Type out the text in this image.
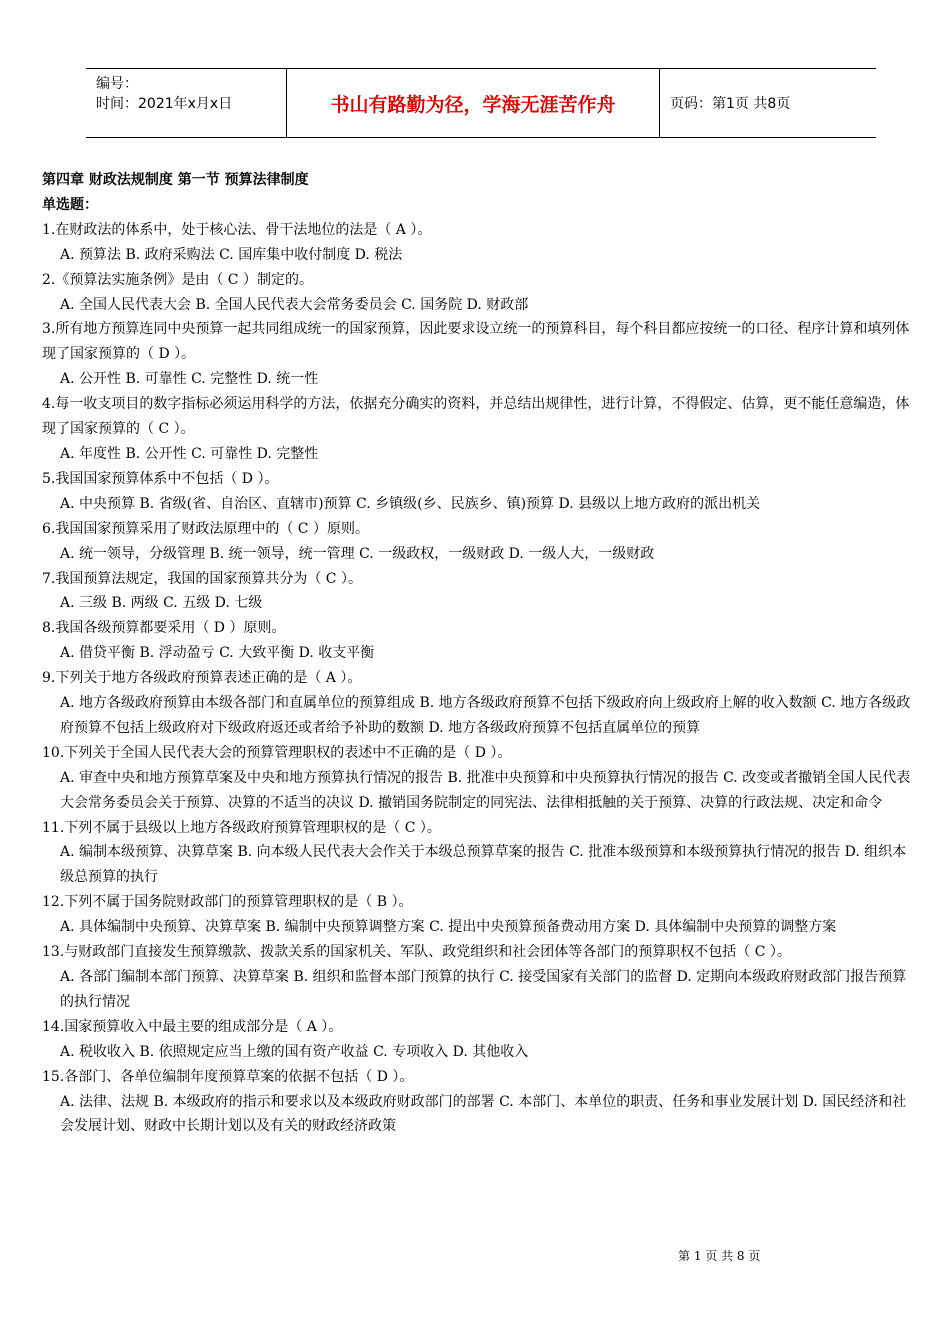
编号：
时间：2021年x月x日	书山有路勤为径，学海无涯苦作舟	页码：第1页 共8页
第四章 财政法规制度 第一节 预算法律制度
单选题：

1.在财政法的体系中，处于核心法、骨干法地位的法是（ A ）。

A. 预算法 B. 政府采购法 C. 国库集中收付制度 D. 税法

2.《预算法实施条例》是由（ C ）制定的。

A. 全国人民代表大会 B. 全国人民代表大会常务委员会 C. 国务院 D. 财政部

3.所有地方预算连同中央预算一起共同组成统一的国家预算，因此要求设立统一的预算科目，每个科目都应按统一的口径、程序计算和填列体现了国家预算的（ D ）。

A. 公开性 B. 可靠性 C. 完整性 D. 统一性

4.每一收支项目的数字指标必须运用科学的方法，依据充分确实的资料，并总结出规律性，进行计算，不得假定、估算，更不能任意编造，体现了国家预算的（ C ）。

A. 年度性 B. 公开性 C. 可靠性 D. 完整性

5.我国国家预算体系中不包括（ D ）。

A. 中央预算 B. 省级(省、自治区、直辖市)预算 C. 乡镇级(乡、民族乡、镇)预算 D. 县级以上地方政府的派出机关

6.我国国家预算采用了财政法原理中的（ C ）原则。

A. 统一领导，分级管理 B. 统一领导，统一管理 C. 一级政权，一级财政 D. 一级人大，一级财政

7.我国预算法规定，我国的国家预算共分为（ C ）。

A. 三级 B. 两级 C. 五级 D. 七级

8.我国各级预算都要采用（ D ）原则。

A. 借贷平衡 B. 浮动盈亏 C. 大致平衡 D. 收支平衡

9.下列关于地方各级政府预算表述正确的是（ A ）。

A. 地方各级政府预算由本级各部门和直属单位的预算组成 B. 地方各级政府预算不包括下级政府向上级政府上解的收入数额 C. 地方各级政府预算不包括上级政府对下级政府返还或者给予补助的数额 D. 地方各级政府预算不包括直属单位的预算

10.下列关于全国人民代表大会的预算管理职权的表述中不正确的是（ D ）。

A. 审查中央和地方预算草案及中央和地方预算执行情况的报告 B. 批准中央预算和中央预算执行情况的报告 C. 改变或者撤销全国人民代表大会常务委员会关于预算、决算的不适当的决议 D. 撤销国务院制定的同宪法、法律相抵触的关于预算、决算的行政法规、决定和命令

11.下列不属于县级以上地方各级政府预算管理职权的是（ C ）。

A. 编制本级预算、决算草案 B. 向本级人民代表大会作关于本级总预算草案的报告 C. 批准本级预算和本级预算执行情况的报告 D. 组织本级总预算的执行

12.下列不属于国务院财政部门的预算管理职权的是（ B ）。

A. 具体编制中央预算、决算草案 B. 编制中央预算调整方案 C. 提出中央预算预备费动用方案 D. 具体编制中央预算的调整方案

13.与财政部门直接发生预算缴款、拨款关系的国家机关、军队、政党组织和社会团体等各部门的预算职权不包括（ C ）。

A. 各部门编制本部门预算、决算草案 B. 组织和监督本部门预算的执行 C. 接受国家有关部门的监督 D. 定期向本级政府财政部门报告预算的执行情况

14.国家预算收入中最主要的组成部分是（ A ）。

A. 税收收入 B. 依照规定应当上缴的国有资产收益 C. 专项收入 D. 其他收入

15.各部门、各单位编制年度预算草案的依据不包括（ D ）。

A. 法律、法规 B. 本级政府的指示和要求以及本级政府财政部门的部署 C. 本部门、本单位的职责、任务和事业发展计划 D. 国民经济和社会发展计划、财政中长期计划以及有关的财政经济政策

第 1 页 共 8 页
